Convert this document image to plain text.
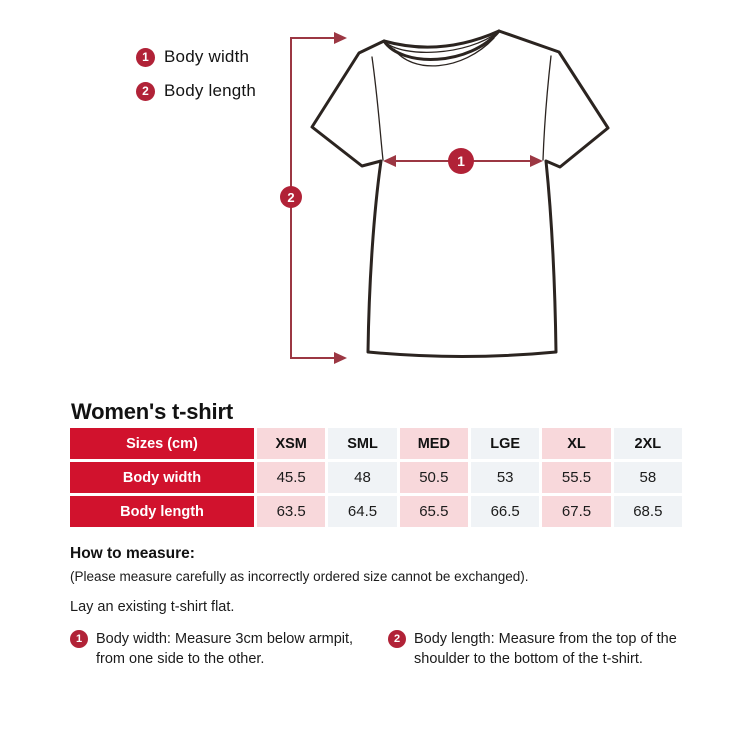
1 Body width
2 Body length
1
2
Women's t-shirt
Sizes (cm)	XSM	SML	MED	LGE	XL	2XL
Body width	45.5	48	50.5	53	55.5	58
Body length	63.5	64.5	65.5	66.5	67.5	68.5
How to measure:
(Please measure carefully as incorrectly ordered size cannot be exchanged).
Lay an existing t-shirt flat.
1 Body width: Measure 3cm below armpit,
from one side to the other.
2 Body length: Measure from the top of the
shoulder to the bottom of the t-shirt.
